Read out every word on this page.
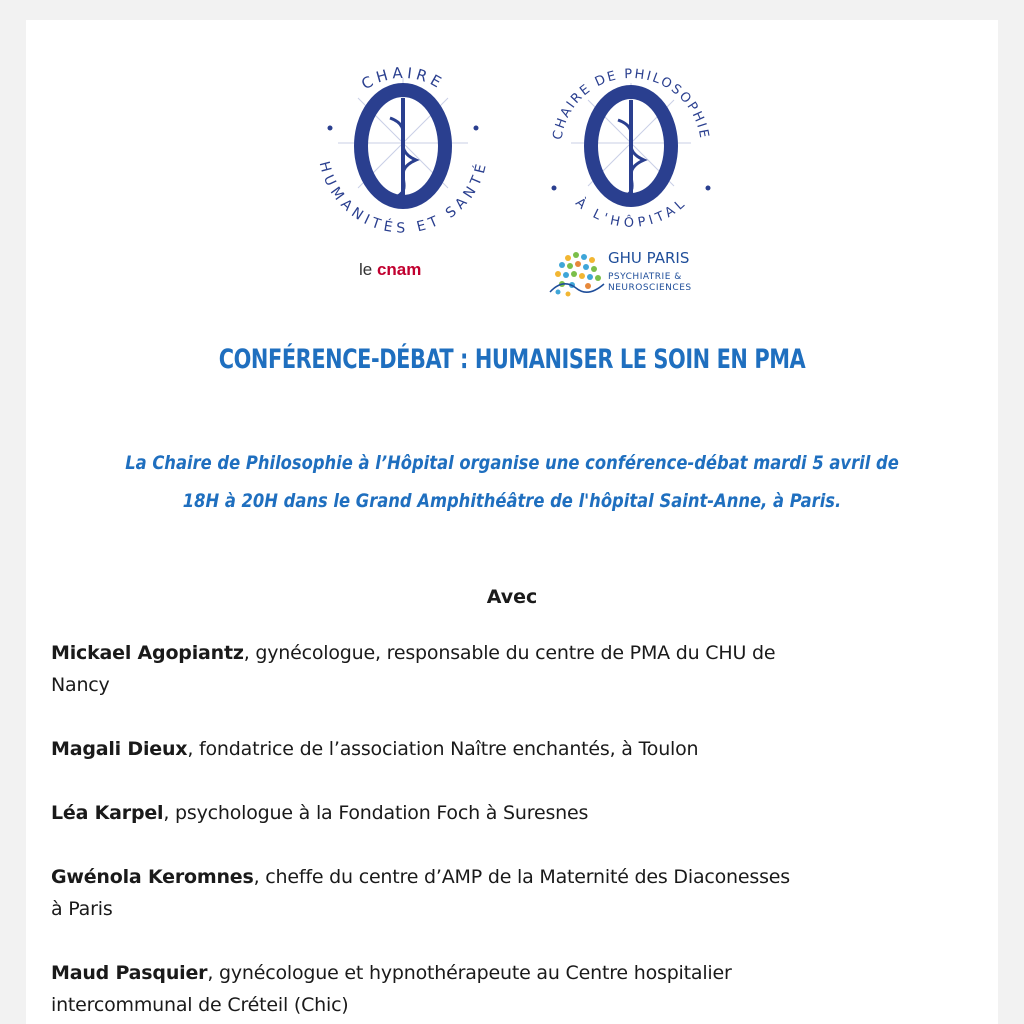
CHAIRE
HUMANITÉS ET SANTÉ
le cnam
CHAIRE DE PHILOSOPHIE
À L'HÔPITAL
GHU PARIS
PSYCHIATRIE &
NEUROSCIENCES
CONFÉRENCE-DÉBAT : HUMANISER LE SOIN EN PMA
La Chaire de Philosophie à l’Hôpital organise une conférence-débat mardi 5 avril de
18H à 20H dans le Grand Amphithéâtre de l'hôpital Saint-Anne, à Paris.
Avec
Mickael Agopiantz, gynécologue, responsable du centre de PMA du CHU de
Nancy
Magali Dieux, fondatrice de l’association Naître enchantés, à Toulon
Léa Karpel, psychologue à la Fondation Foch à Suresnes
Gwénola Keromnes, cheffe du centre d’AMP de la Maternité des Diaconesses
à Paris
Maud Pasquier, gynécologue et hypnothérapeute au Centre hospitalier
intercommunal de Créteil (Chic)
